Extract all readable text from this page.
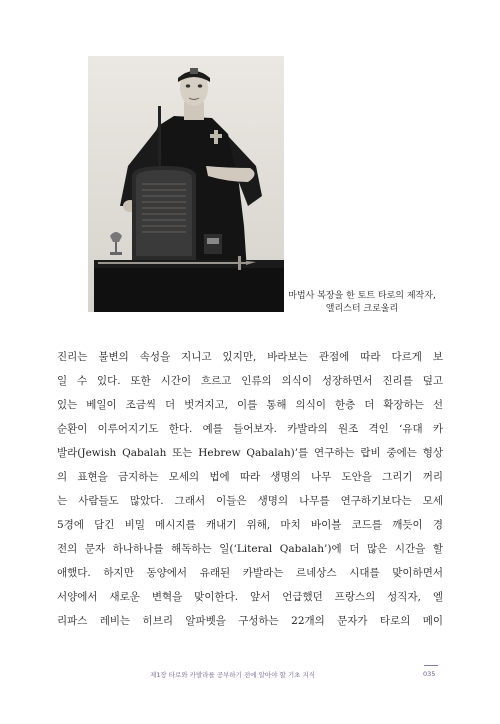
마법사 복장을 한 토트 타로의 제작자,
앨리스터 크로울리
진리는 불변의 속성을 지니고 있지만, 바라보는 관점에 따라 다르게 보
일 수 있다. 또한 시간이 흐르고 인류의 의식이 성장하면서 진리를 덮고
있는 베일이 조금씩 더 벗겨지고, 이를 통해 의식이 한층 더 확장하는 선
순환이 이루어지기도 한다. 예를 들어보자. 카발라의 원조 격인 ‘유대 카
발라(Jewish Qabalah 또는 Hebrew Qabalah)’를 연구하는 랍비 중에는 형상
의 표현을 금지하는 모세의 법에 따라 생명의 나무 도안을 그리기 꺼리
는 사람들도 많았다. 그래서 이들은 생명의 나무를 연구하기보다는 모세
5경에 담긴 비밀 메시지를 캐내기 위해, 마치 바이블 코드를 깨듯이 경
전의 문자 하나하나를 해독하는 일(‘Literal Qabalah’)에 더 많은 시간을 할
애했다. 하지만 동양에서 유래된 카발라는 르네상스 시대를 맞이하면서
서양에서 새로운 변혁을 맞이한다. 앞서 언급했던 프랑스의 성직자, 엘
리파스 레비는 히브리 알파벳을 구성하는 22개의 문자가 타로의 메이
제1장 타로와 카발라를 공부하기 전에 알아야 할 기초 지식	035
